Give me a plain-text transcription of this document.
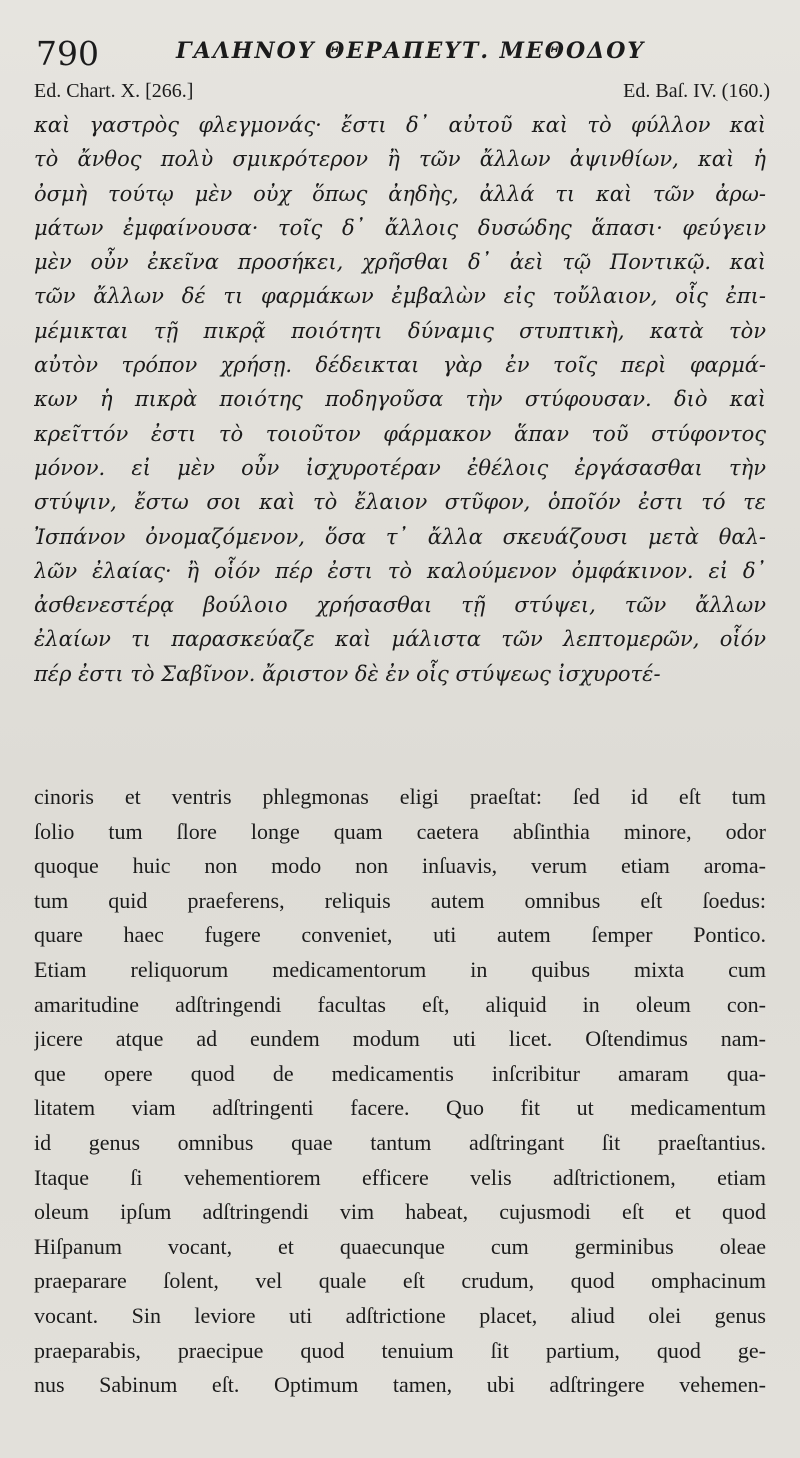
790	ΓΑΛΗΝΟΥ ΘΕΡΑΠΕΥΤ. ΜΕΘΟΔΟΥ
Ed. Chart. X. [266.]	Ed. Baſ. IV. (160.)
καὶ γαστρὸς φλεγμονάς· ἔστι δ᾽ αὐτοῦ καὶ τὸ φύλλον καὶ
τὸ ἄνθος πολὺ σμικρότερον ἢ τῶν ἄλλων ἀψινθίων, καὶ ἡ
ὀσμὴ τούτῳ μὲν οὐχ ὅπως ἀηδὴς, ἀλλά τι καὶ τῶν ἀρω-
μάτων ἐμφαίνουσα· τοῖς δ᾽ ἄλλοις δυσώδης ἅπασι· φεύγειν
μὲν οὖν ἐκεῖνα προσήκει, χρῆσθαι δ᾽ ἀεὶ τῷ Ποντικῷ. καὶ
τῶν ἄλλων δέ τι φαρμάκων ἐμβαλὼν εἰς τοὔλαιον, οἷς ἐπι-
μέμικται τῇ πικρᾷ ποιότητι δύναμις στυπτικὴ, κατὰ τὸν
αὐτὸν τρόπον χρήσῃ. δέδεικται γὰρ ἐν τοῖς περὶ φαρμά-
κων ἡ πικρὰ ποιότης ποδηγοῦσα τὴν στύφουσαν. διὸ καὶ
κρεῖττόν ἐστι τὸ τοιοῦτον φάρμακον ἅπαν τοῦ στύφοντος
μόνον. εἰ μὲν οὖν ἰσχυροτέραν ἐθέλοις ἐργάσασθαι τὴν
στύψιν, ἔστω σοι καὶ τὸ ἔλαιον στῦφον, ὁποῖόν ἐστι τό τε
Ἰσπάνον ὀνομαζόμενον, ὅσα τ᾽ ἄλλα σκευάζουσι μετὰ θαλ-
λῶν ἐλαίας· ἢ οἷόν πέρ ἐστι τὸ καλούμενον ὀμφάκινον. εἰ δ᾽
ἀσθενεστέρᾳ βούλοιο χρήσασθαι τῇ στύψει, τῶν ἄλλων
ἐλαίων τι παρασκεύαζε καὶ μάλιστα τῶν λεπτομερῶν, οἷόν
πέρ ἐστι τὸ Σαβῖνον. ἄριστον δὲ ἐν οἷς στύψεως ἰσχυροτέ-
cinoris et ventris phlegmonas eligi praeſtat: ſed id eſt tum
ſolio tum ſlore longe quam caetera abſinthia minore, odor
quoque huic non modo non inſuavis, verum etiam aroma-
tum quid praeferens, reliquis autem omnibus eſt ſoedus:
quare haec fugere conveniet, uti autem ſemper Pontico.
Etiam reliquorum medicamentorum in quibus mixta cum
amaritudine adſtringendi facultas eſt, aliquid in oleum con-
jicere atque ad eundem modum uti licet. Oſtendimus nam-
que opere quod de medicamentis inſcribitur amaram qua-
litatem viam adſtringenti facere. Quo fit ut medicamentum
id genus omnibus quae tantum adſtringant ſit praeſtantius.
Itaque ſi vehementiorem efficere velis adſtrictionem, etiam
oleum ipſum adſtringendi vim habeat, cujusmodi eſt et quod
Hiſpanum vocant, et quaecunque cum germinibus oleae
praeparare ſolent, vel quale eſt crudum, quod omphacinum
vocant. Sin leviore uti adſtrictione placet, aliud olei genus
praeparabis, praecipue quod tenuium ſit partium, quod ge-
nus Sabinum eſt. Optimum tamen, ubi adſtringere vehemen-
